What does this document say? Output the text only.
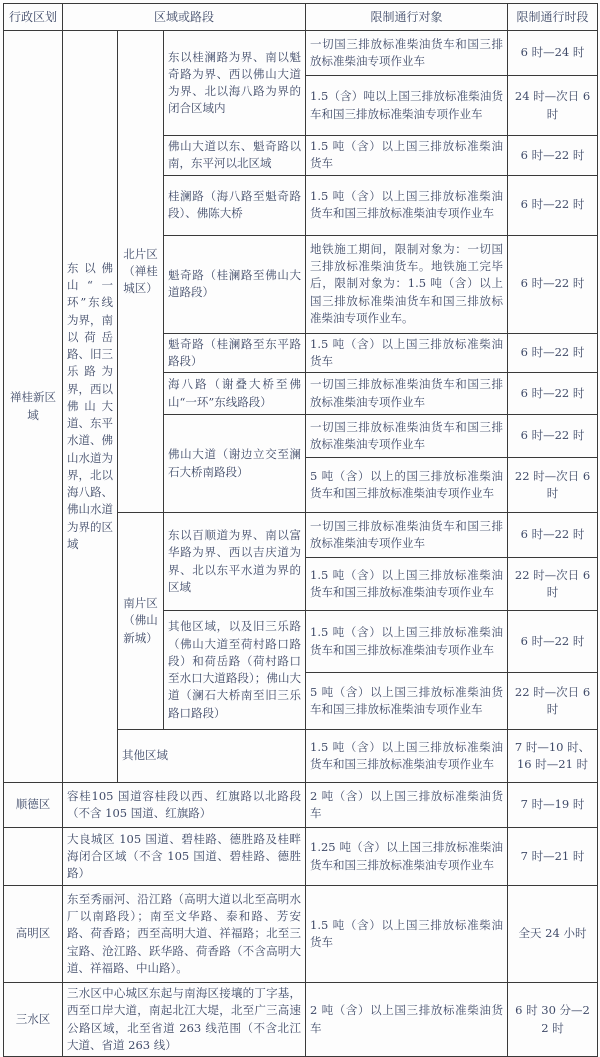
行政区划	区域或路段			限制通行对象	限制通行时段
禅桂新区域	东以佛山“一环”东线为界，南以荷岳路、旧三乐路为界，西以佛山大道、东平水道、佛山水道为界，北以海八路、佛山水道为界的区域	北片区（禅桂城区）	东以桂澜路为界、南以魁奇路为界、西以佛山大道为界、北以海八路为界的闭合区域内	一切国三排放标准柴油货车和国三排放标准柴油专项作业车	6 时—24 时
				1.5（含）吨以上国三排放标准柴油货车和国三排放标准柴油专项作业车	24 时—次日 6 时
			佛山大道以东、魁奇路以南，东平河以北区域	1.5 吨（含）以上国三排放标准柴油货车	6 时—22 时
			桂澜路（海八路至魁奇路段）、佛陈大桥	1.5 吨（含）以上国三排放标准柴油货车和国三排放标准柴油专项作业车	6 时—22 时
			魁奇路（桂澜路至佛山大道路段）	地铁施工期间，限制对象为：一切国三排放标准柴油货车。地铁施工完毕后，限制对象为：1.5 吨（含）以上国三排放标准柴油货车和国三排放标准柴油专项作业车。	6 时—22 时
			魁奇路（桂澜路至东平路路段）	1.5 吨（含）以上国三排放标准柴油货车	6 时—22 时
			海八路（谢叠大桥至佛山“一环”东线路段）	一切国三排放标准柴油货车和国三排放标准柴油专项作业车	6 时—22 时
			佛山大道（谢边立交至澜石大桥南路段）	一切国三排放标准柴油货车和国三排放标准柴油专项作业车	6 时—22 时
				5 吨（含）以上的国三排放标准柴油货车和国三排放标准柴油专项作业车	22 时—次日 6 时
		南片区（佛山新城）	东以百顺道为界、南以富华路为界、西以吉庆道为界、北以东平水道为界的区域	一切国三排放标准柴油货车和国三排放标准柴油专项作业车	6 时—22 时
				1.5 吨（含）以上国三排放标准柴油货车和国三排放标准柴油专项作业车	22 时—次日 6 时
			其他区域，以及旧三乐路（佛山大道至荷村路口路段）和荷岳路（荷村路口至水口大道路段）；佛山大道（澜石大桥南至旧三乐路口路段）	1.5 吨（含）以上国三排放标准柴油货车和国三排放标准柴油专项作业车	6 时—22 时
				5 吨（含）以上国三排放标准柴油货车和国三排放标准柴油专项作业车	22 时—次日 6 时
		其他区域		1.5 吨（含）以上国三排放标准柴油货车和国三排放标准柴油专项作业车	7 时—10 时、16 时—21 时
顺德区	容桂105 国道容桂段以西、红旗路以北路段（不含 105 国道、红旗路）			2 吨（含）以上国三排放标准柴油货车	7 时—19 时
	大良城区 105 国道、碧桂路、德胜路及桂畔海闭合区域（不含 105 国道、碧桂路、德胜路）			1.25 吨（含）以上国三排放标准柴油货车和国三排放标准柴油专项作业车	7 时—21 时
高明区	东至秀丽河、沿江路（高明大道以北至高明水厂以南路段）；南至文华路、泰和路、芳安路、荷香路；西至高明大道、祥福路；北至三宝路、沧江路、跃华路、荷香路（不含高明大道、祥福路、中山路）。			1.5 吨（含）以上国三排放标准柴油货车	全天 24 小时
三水区	三水区中心城区东起与南海区接壤的丁字基，西至口岸大道，南起北江大堤，北至广三高速公路区域，北至省道 263 线范围（不含北江大道、省道 263 线）			2 吨（含）以上国三排放标准柴油货车	6 时 30 分—22 时
